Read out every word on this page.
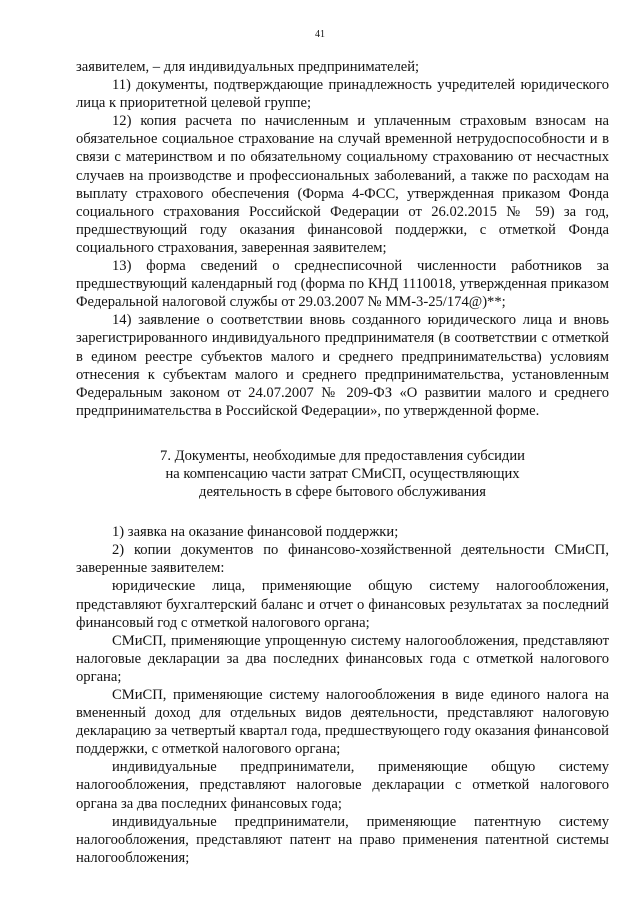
41

заявителем, – для индивидуальных предпринимателей;

11) документы, подтверждающие принадлежность учредителей юридического лица к приоритетной целевой группе;

12) копия расчета по начисленным и уплаченным страховым взносам на обязательное социальное страхование на случай временной нетрудоспособности и в связи с материнством и по обязательному социальному страхованию от несчастных случаев на производстве и профессиональных заболеваний, а также по расходам на выплату страхового обеспечения (Форма 4-ФСС, утвержденная приказом Фонда социального страхования Российской Федерации от 26.02.2015 № 59) за год, предшествующий году оказания финансовой поддержки, с отметкой Фонда социального страхования, заверенная заявителем;

13) форма сведений о среднесписочной численности работников за предшествующий календарный год (форма по КНД 1110018, утвержденная приказом Федеральной налоговой службы от 29.03.2007 № ММ-3-25/174@)**;

14) заявление о соответствии вновь созданного юридического лица и вновь зарегистрированного индивидуального предпринимателя (в соответствии с отметкой в едином реестре субъектов малого и среднего предпринимательства) условиям отнесения к субъектам малого и среднего предпринимательства, установленным Федеральным законом от 24.07.2007 № 209-ФЗ «О развитии малого и среднего предпринимательства в Российской Федерации», по утвержденной форме.

7. Документы, необходимые для предоставления субсидии
на компенсацию части затрат СМиСП, осуществляющих
деятельность в сфере бытового обслуживания

1) заявка на оказание финансовой поддержки;

2) копии документов по финансово-хозяйственной деятельности СМиСП, заверенные заявителем:

юридические лица, применяющие общую систему налогообложения, представляют бухгалтерский баланс и отчет о финансовых результатах за последний финансовый год с отметкой налогового органа;

СМиСП, применяющие упрощенную систему налогообложения, представляют налоговые декларации за два последних финансовых года с отметкой налогового органа;

СМиСП, применяющие систему налогообложения в виде единого налога на вмененный доход для отдельных видов деятельности, представляют налоговую декларацию за четвертый квартал года, предшествующего году оказания финансовой поддержки, с отметкой налогового органа;

индивидуальные предприниматели, применяющие общую систему налогообложения, представляют налоговые декларации с отметкой налогового органа за два последних финансовых года;

индивидуальные предприниматели, применяющие патентную систему налогообложения, представляют патент на право применения патентной системы налогообложения;
